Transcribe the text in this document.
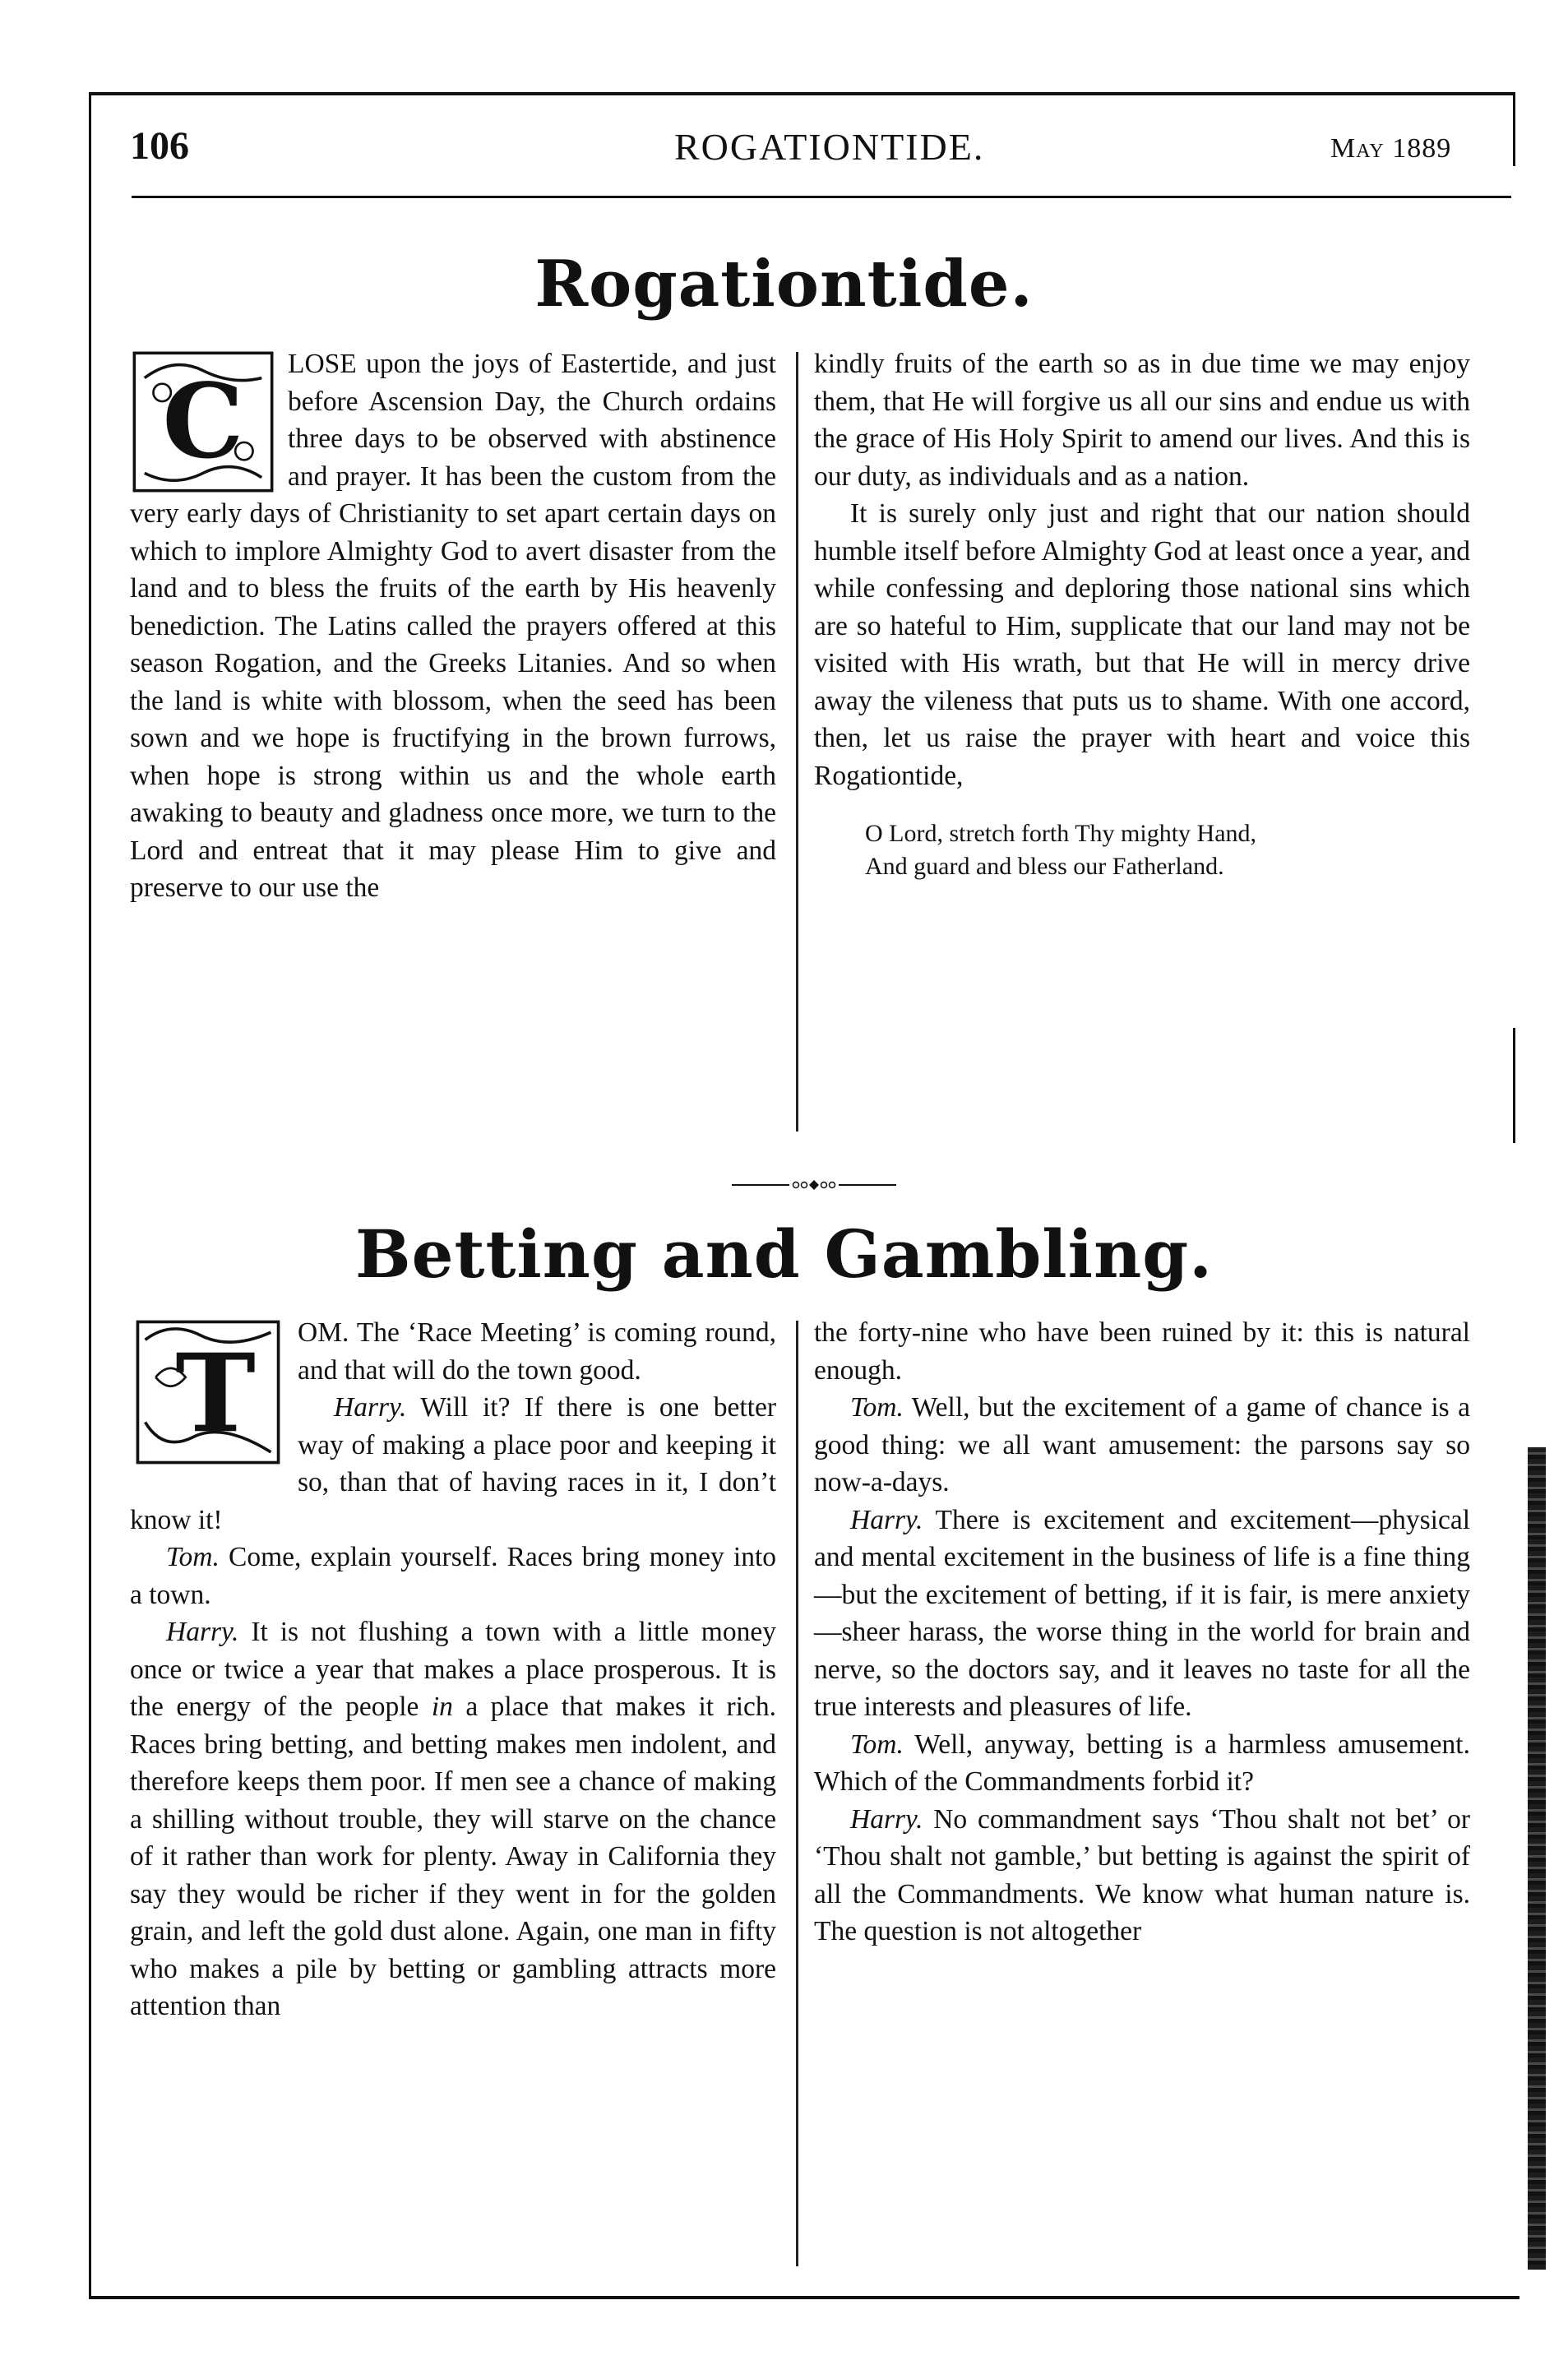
106	ROGATIONTIDE.	May 1889
Rogationtide.
C	LOSE upon the joys of Eastertide, and just before Ascension Day, the Church ordains three days to be observed with abstinence and prayer. It has been the custom from the very early days of Christianity to set apart certain days on which to implore Almighty God to avert disaster from the land and to bless the fruits of the earth by His heavenly benediction. The Latins called the prayers offered at this season Rogation, and the Greeks Litanies. And so when the land is white with blossom, when the seed has been sown and we hope is fructifying in the brown furrows, when hope is strong within us and the whole earth awaking to beauty and gladness once more, we turn to the Lord and entreat that it may please Him to give and preserve to our use the

kindly fruits of the earth so as in due time we may enjoy them, that He will forgive us all our sins and endue us with the grace of His Holy Spirit to amend our lives. And this is our duty, as individuals and as a nation.

It is surely only just and right that our nation should humble itself before Almighty God at least once a year, and while confessing and deploring those national sins which are so hateful to Him, supplicate that our land may not be visited with His wrath, but that He will in mercy drive away the vileness that puts us to shame. With one accord, then, let us raise the prayer with heart and voice this Rogationtide,

O Lord, stretch forth Thy mighty Hand,
And guard and bless our Fatherland.
Betting and Gambling.
T	OM. The ‘Race Meeting’ is coming round, and that will do the town good.

Harry. Will it? If there is one better way of making a place poor and keeping it so, than that of having races in it, I don’t know it!

Tom. Come, explain yourself. Races bring money into a town.

Harry. It is not flushing a town with a little money once or twice a year that makes a place prosperous. It is the energy of the people in a place that makes it rich. Races bring betting, and betting makes men indolent, and therefore keeps them poor. If men see a chance of making a shilling without trouble, they will starve on the chance of it rather than work for plenty. Away in California they say they would be richer if they went in for the golden grain, and left the gold dust alone. Again, one man in fifty who makes a pile by betting or gambling attracts more attention than

the forty-nine who have been ruined by it: this is natural enough.

Tom. Well, but the excitement of a game of chance is a good thing: we all want amusement: the parsons say so now-a-days.

Harry. There is excitement and excitement—physical and mental excitement in the business of life is a fine thing—but the excitement of betting, if it is fair, is mere anxiety—sheer harass, the worse thing in the world for brain and nerve, so the doctors say, and it leaves no taste for all the true interests and pleasures of life.

Tom. Well, anyway, betting is a harmless amusement. Which of the Commandments forbid it?

Harry. No commandment says ‘Thou shalt not bet’ or ‘Thou shalt not gamble,’ but betting is against the spirit of all the Commandments. We know what human nature is. The question is not altogether
